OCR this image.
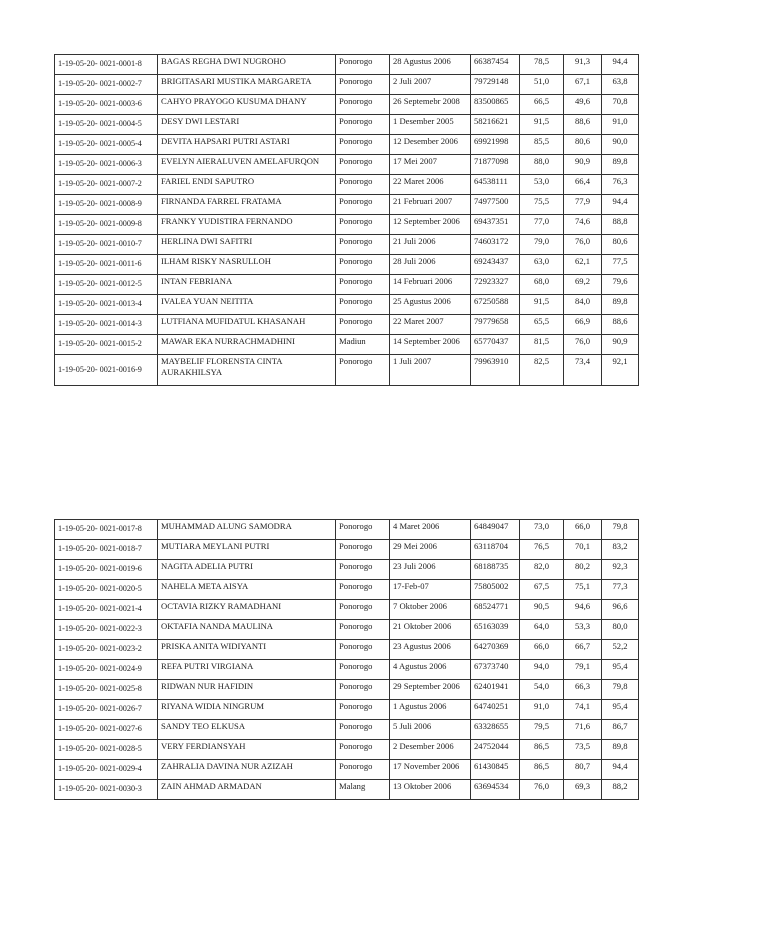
1-19-05-20- 0021-0001-8	BAGAS REGHA DWI NUGROHO	Ponorogo	28 Agustus 2006	66387454	78,5	91,3	94,4
1-19-05-20- 0021-0002-7	BRIGITASARI MUSTIKA MARGARETA	Ponorogo	2 Juli 2007	79729148	51,0	67,1	63,8
1-19-05-20- 0021-0003-6	CAHYO PRAYOGO KUSUMA DHANY	Ponorogo	26 Septemebr 2008	83500865	66,5	49,6	70,8
1-19-05-20- 0021-0004-5	DESY DWI LESTARI	Ponorogo	1 Desember 2005	58216621	91,5	88,6	91,0
1-19-05-20- 0021-0005-4	DEVITA HAPSARI PUTRI ASTARI	Ponorogo	12 Desember 2006	69921998	85,5	80,6	90,0
1-19-05-20- 0021-0006-3	EVELYN AIERALUVEN AMELAFURQON	Ponorogo	17 Mei 2007	71877098	88,0	90,9	89,8
1-19-05-20- 0021-0007-2	FARIEL ENDI SAPUTRO	Ponorogo	22 Maret 2006	64538111	53,0	66,4	76,3
1-19-05-20- 0021-0008-9	FIRNANDA FARREL FRATAMA	Ponorogo	21 Februari 2007	74977500	75,5	77,9	94,4
1-19-05-20- 0021-0009-8	FRANKY YUDISTIRA FERNANDO	Ponorogo	12 September 2006	69437351	77,0	74,6	88,8
1-19-05-20- 0021-0010-7	HERLINA DWI SAFITRI	Ponorogo	21 Juli 2006	74603172	79,0	76,0	80,6
1-19-05-20- 0021-0011-6	ILHAM RISKY NASRULLOH	Ponorogo	28 Juli 2006	69243437	63,0	62,1	77,5
1-19-05-20- 0021-0012-5	INTAN FEBRIANA	Ponorogo	14 Februari 2006	72923327	68,0	69,2	79,6
1-19-05-20- 0021-0013-4	IVALEA YUAN NEITITA	Ponorogo	25 Agustus 2006	67250588	91,5	84,0	89,8
1-19-05-20- 0021-0014-3	LUTFIANA MUFIDATUL KHASANAH	Ponorogo	22 Maret 2007	79779658	65,5	66,9	88,6
1-19-05-20- 0021-0015-2	MAWAR EKA NURRACHMADHINI	Madiun	14 September 2006	65770437	81,5	76,0	90,9
1-19-05-20- 0021-0016-9	MAYBELIF FLORENSTA CINTA AURAKHILSYA	Ponorogo	1 Juli 2007	79963910	82,5	73,4	92,1
1-19-05-20- 0021-0017-8	MUHAMMAD ALUNG SAMODRA	Ponorogo	4 Maret 2006	64849047	73,0	66,0	79,8
1-19-05-20- 0021-0018-7	MUTIARA MEYLANI PUTRI	Ponorogo	29 Mei 2006	63118704	76,5	70,1	83,2
1-19-05-20- 0021-0019-6	NAGITA ADELIA PUTRI	Ponorogo	23 Juli 2006	68188735	82,0	80,2	92,3
1-19-05-20- 0021-0020-5	NAHELA META AISYA	Ponorogo	17-Feb-07	75805002	67,5	75,1	77,3
1-19-05-20- 0021-0021-4	OCTAVIA RIZKY RAMADHANI	Ponorogo	7 Oktober 2006	68524771	90,5	94,6	96,6
1-19-05-20- 0021-0022-3	OKTAFIA NANDA MAULINA	Ponorogo	21 Oktober 2006	65163039	64,0	53,3	80,0
1-19-05-20- 0021-0023-2	PRISKA ANITA WIDIYANTI	Ponorogo	23 Agustus 2006	64270369	66,0	66,7	52,2
1-19-05-20- 0021-0024-9	REFA PUTRI VIRGIANA	Ponorogo	4 Agustus 2006	67373740	94,0	79,1	95,4
1-19-05-20- 0021-0025-8	RIDWAN NUR HAFIDIN	Ponorogo	29 September 2006	62401941	54,0	66,3	79,8
1-19-05-20- 0021-0026-7	RIYANA WIDIA NINGRUM	Ponorogo	1 Agustus 2006	64740251	91,0	74,1	95,4
1-19-05-20- 0021-0027-6	SANDY TEO ELKUSA	Ponorogo	5 Juli 2006	63328655	79,5	71,6	86,7
1-19-05-20- 0021-0028-5	VERY FERDIANSYAH	Ponorogo	2 Desember 2006	24752044	86,5	73,5	89,8
1-19-05-20- 0021-0029-4	ZAHRALIA DAVINA NUR AZIZAH	Ponorogo	17 November 2006	61430845	86,5	80,7	94,4
1-19-05-20- 0021-0030-3	ZAIN AHMAD ARMADAN	Malang	13 Oktober 2006	63694534	76,0	69,3	88,2
